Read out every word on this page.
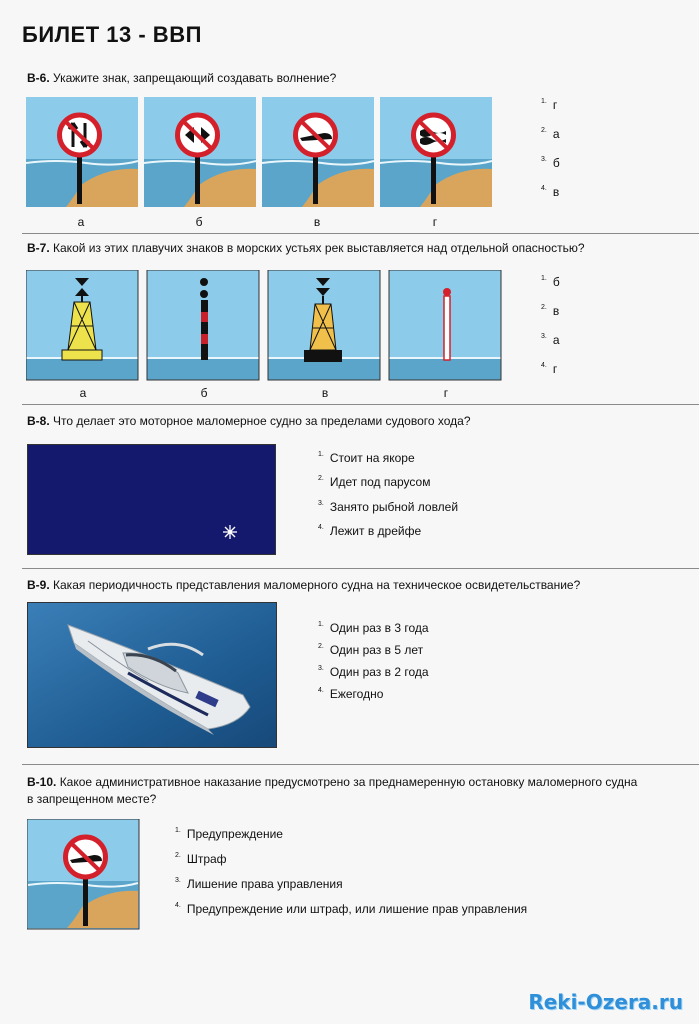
БИЛЕТ 13 - ВВП
В-6. Укажите знак, запрещающий создавать волнение?
а	б	в	г
$^{1.}$ г
$^{2.}$ а
$^{3.}$ б
$^{4.}$ в
В-7. Какой из этих плавучих знаков в морских устьях рек выставляется над отдельной опасностью?
а	б	в	г
$^{1.}$ б
$^{2.}$ в
$^{3.}$ а
$^{4.}$ г
В-8. Что делает это моторное маломерное судно за пределами судового хода?
$^{1.}$ Стоит на якоре
$^{2.}$ Идет под парусом
$^{3.}$ Занято рыбной ловлей
$^{4.}$ Лежит в дрейфе
В-9. Какая периодичность представления маломерного судна на техническое освидетельствание?
$^{1.}$ Один раз в 3 года
$^{2.}$ Один раз в 5 лет
$^{3.}$ Один раз в 2 года
$^{4.}$ Ежегодно
В-10. Какое административное наказание предусмотрено за преднамеренную остановку маломерного судна
в запрещенном месте?
$^{1.}$ Предупреждение
$^{2.}$ Штраф
$^{3.}$ Лишение права управления
$^{4.}$ Предупреждение или штраф, или лишение прав управления
Reki-Ozera.ru
